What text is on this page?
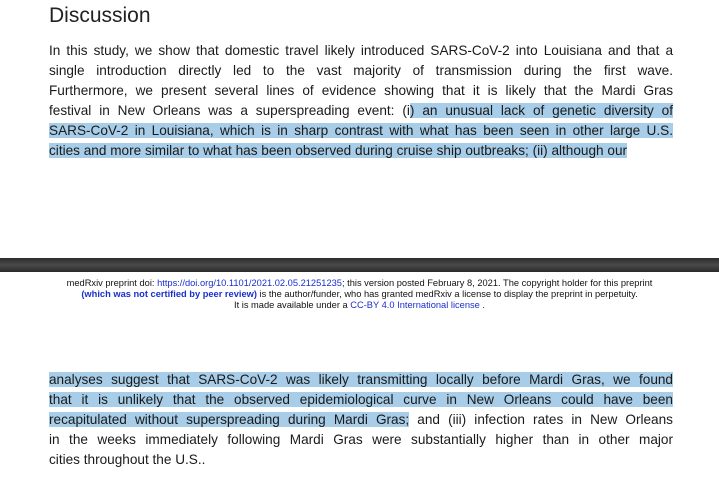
Discussion
In this study, we show that domestic travel likely introduced SARS-CoV-2 into Louisiana and that a
single introduction directly led to the vast majority of transmission during the first wave.
Furthermore, we present several lines of evidence showing that it is likely that the Mardi Gras
festival in New Orleans was a superspreading event: (i) an unusual lack of genetic diversity of
SARS-CoV-2 in Louisiana, which is in sharp contrast with what has been seen in other large U.S.
cities and more similar to what has been observed during cruise ship outbreaks; (ii) although our
medRxiv preprint doi: https://doi.org/10.1101/2021.02.05.21251235; this version posted February 8, 2021. The copyright holder for this preprint
(which was not certified by peer review) is the author/funder, who has granted medRxiv a license to display the preprint in perpetuity.
It is made available under a CC-BY 4.0 International license .
analyses suggest that SARS-CoV-2 was likely transmitting locally before Mardi Gras, we found
that it is unlikely that the observed epidemiological curve in New Orleans could have been
recapitulated without superspreading during Mardi Gras; and (iii) infection rates in New Orleans
in the weeks immediately following Mardi Gras were substantially higher than in other major
cities throughout the U.S..
